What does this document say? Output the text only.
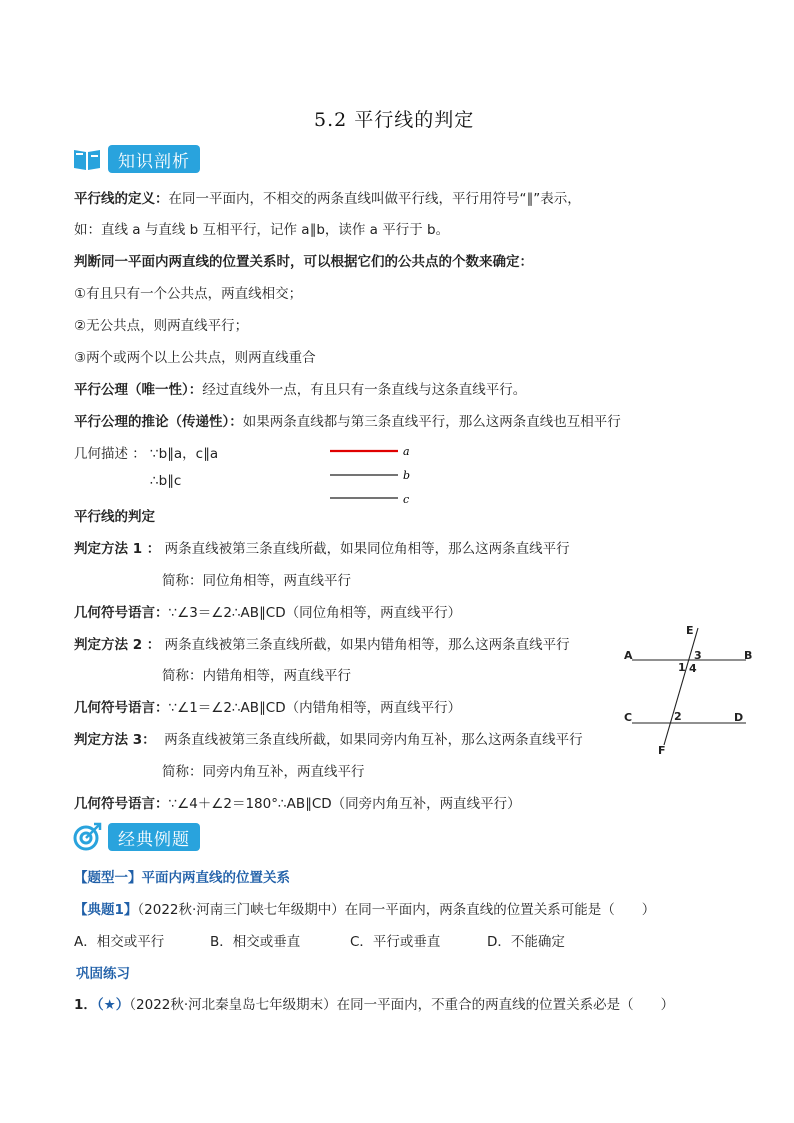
5.2 平行线的判定
知识剖析
平行线的定义：在同一平面内，不相交的两条直线叫做平行线，平行用符号“∥”表示，
如：直线 a 与直线 b 互相平行，记作 a∥b，读作 a 平行于 b。
判断同一平面内两直线的位置关系时，可以根据它们的公共点的个数来确定：
①有且只有一个公共点，两直线相交；
②无公共点，则两直线平行；
③两个或两个以上公共点，则两直线重合
平行公理（唯一性）：经过直线外一点，有且只有一条直线与这条直线平行。
平行公理的推论（传递性）：如果两条直线都与第三条直线平行，那么这两条直线也互相平行
几何描述 ： ∵b∥a，c∥a
∴b∥c
a
b
c
平行线的判定
判定方法 1 ： 两条直线被第三条直线所截，如果同位角相等，那么这两条直线平行
简称：同位角相等，两直线平行
几何符号语言：∵∠3＝∠2∴AB∥CD（同位角相等，两直线平行）
判定方法 2 ： 两条直线被第三条直线所截，如果内错角相等，那么这两条直线平行
简称：内错角相等，两直线平行
几何符号语言：∵∠1＝∠2∴AB∥CD（内错角相等，两直线平行）
判定方法 3： 两条直线被第三条直线所截，如果同旁内角互补，那么这两条直线平行
简称：同旁内角互补，两直线平行
几何符号语言：∵∠4＋∠2＝180°∴AB∥CD（同旁内角互补，两直线平行）
E
A	B
C	D
F
1
3
4
2
经典例题
【题型一】平面内两直线的位置关系
【典题1】（2022秋·河南三门峡七年级期中）在同一平面内，两条直线的位置关系可能是（　　）
A．相交或平行	B．相交或垂直	C．平行或垂直	D．不能确定
巩固练习
1．（★）（2022秋·河北秦皇岛七年级期末）在同一平面内，不重合的两直线的位置关系必是（　　）
